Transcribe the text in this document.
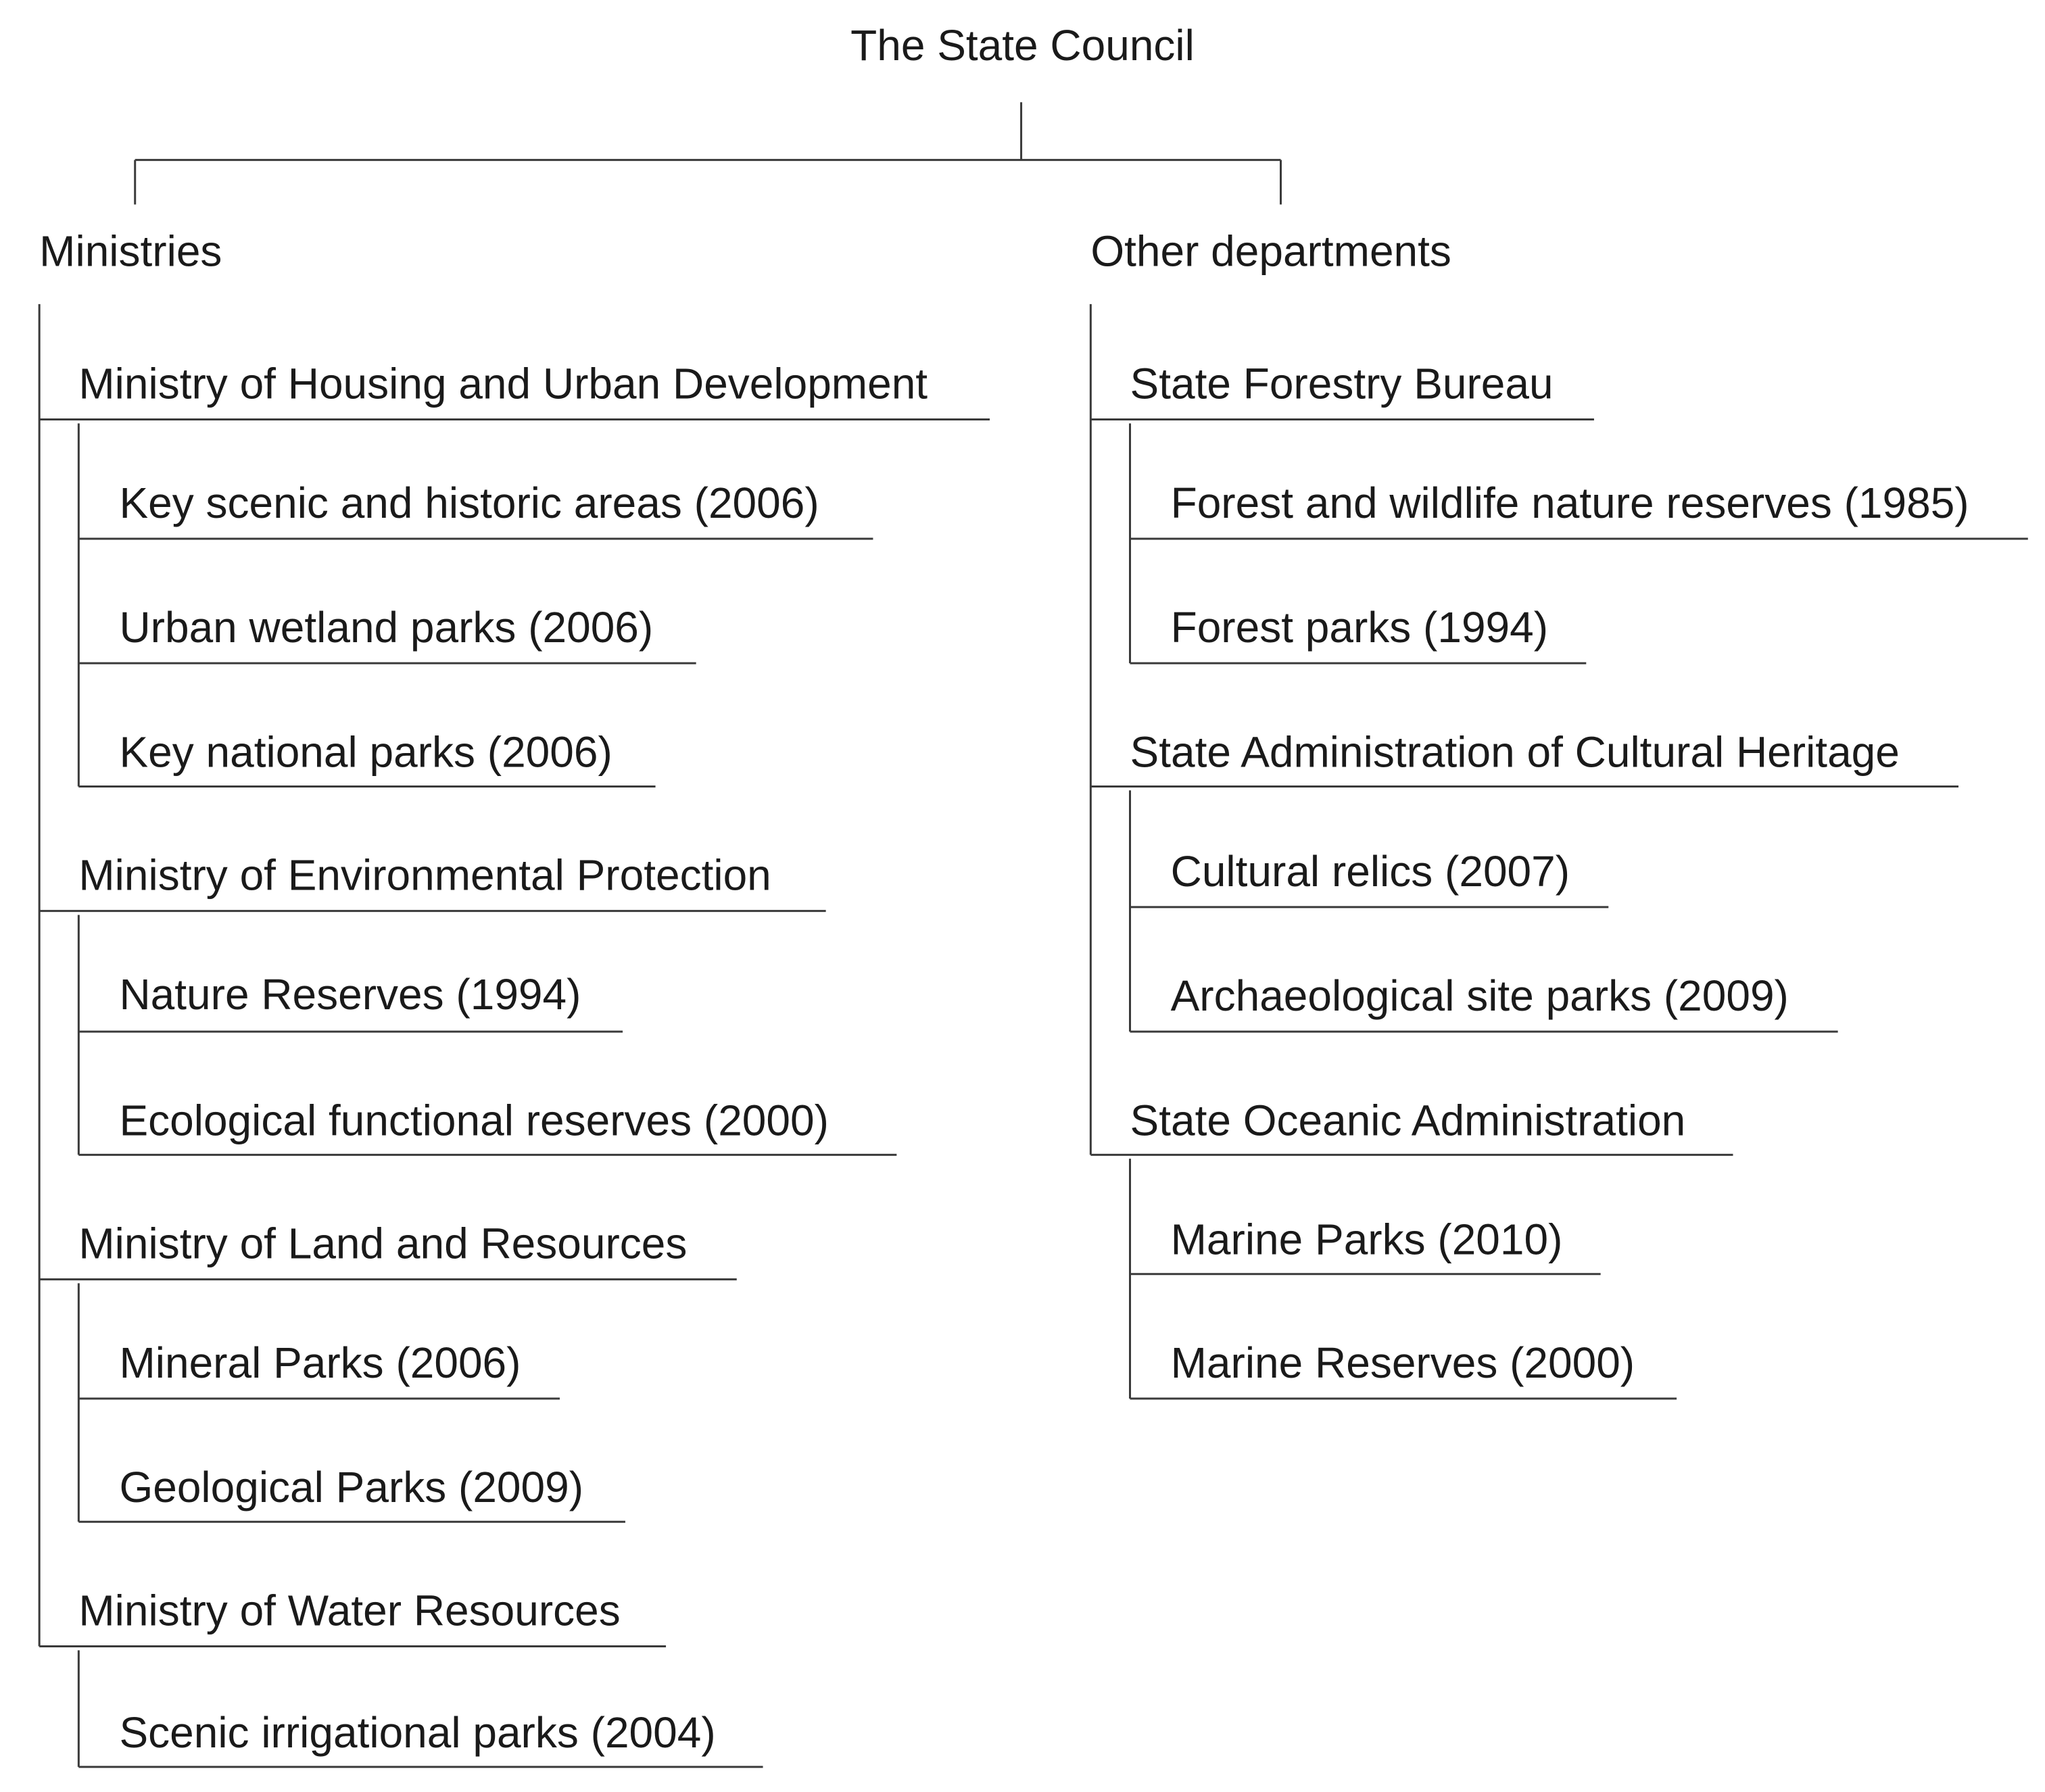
The State Council
Ministries	Other departments
Ministry of Housing and Urban Development
Key scenic and historic areas (2006)
Urban wetland parks (2006)
Key national parks (2006)
Ministry of Environmental Protection
Nature Reserves (1994)
Ecological functional reserves (2000)
Ministry of Land and Resources
Mineral Parks (2006)
Geological Parks (2009)
Ministry of Water Resources
Scenic irrigational parks (2004)
State Forestry Bureau
Forest and wildlife nature reserves (1985)
Forest parks (1994)
State Administration of Cultural Heritage
Cultural relics (2007)
Archaeological site parks (2009)
State Oceanic Administration
Marine Parks (2010)
Marine Reserves (2000)
